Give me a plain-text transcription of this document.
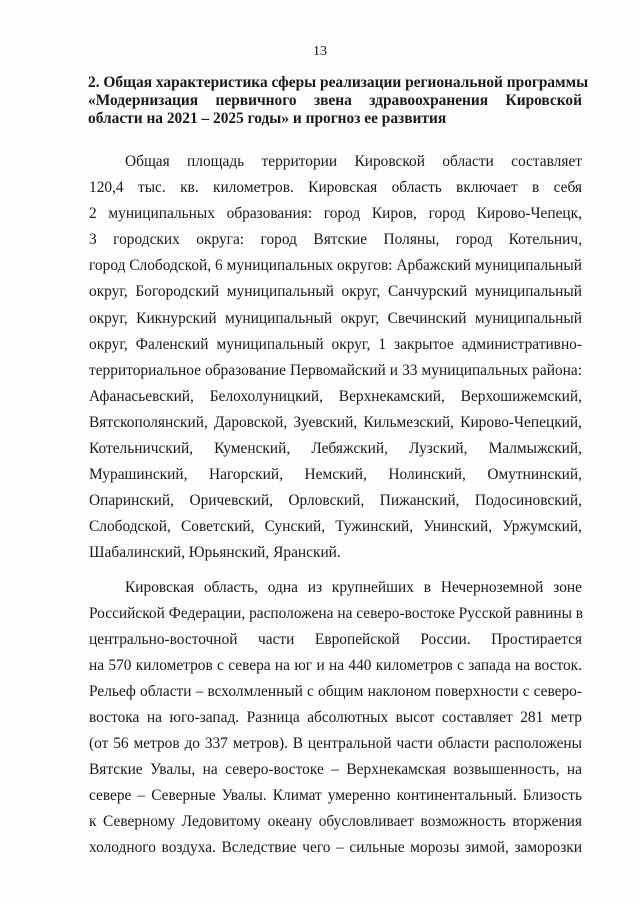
13
2. Общая характеристика сферы реализации региональной программы
«Модернизация первичного звена здравоохранения Кировской
области на 2021 – 2025 годы» и прогноз ее развития
Общая площадь территории Кировской области составляет
120,4 тыс. кв. километров. Кировская область включает в себя
2 муниципальных образования: город Киров, город Кирово-Чепецк,
3 городских округа: город Вятские Поляны, город Котельнич,
город Слободской, 6 муниципальных округов: Арбажский муниципальный
округ, Богородский муниципальный округ, Санчурский муниципальный
округ, Кикнурский муниципальный округ, Свечинский муниципальный
округ, Фаленский муниципальный округ, 1 закрытое административно-
территориальное образование Первомайский и 33 муниципальных района:
Афанасьевский, Белохолуницкий, Верхнекамский, Верхошижемский,
Вятскополянский, Даровской, Зуевский, Кильмезский, Кирово-Чепецкий,
Котельничский, Куменский, Лебяжский, Лузский, Малмыжский,
Мурашинский, Нагорский, Немский, Нолинский, Омутнинский,
Опаринский, Оричевский, Орловский, Пижанский, Подосиновский,
Слободской, Советский, Сунский, Тужинский, Унинский, Уржумский,
Шабалинский, Юрьянский, Яранский.
Кировская область, одна из крупнейших в Нечерноземной зоне
Российской Федерации, расположена на северо-востоке Русской равнины в
центрально-восточной части Европейской России. Простирается
на 570 километров с севера на юг и на 440 километров с запада на восток.
Рельеф области – всхолмленный с общим наклоном поверхности с северо-
востока на юго-запад. Разница абсолютных высот составляет 281 метр
(от 56 метров до 337 метров). В центральной части области расположены
Вятские Увалы, на северо-востоке – Верхнекамская возвышенность, на
севере – Северные Увалы. Климат умеренно континентальный. Близость
к Северному Ледовитому океану обусловливает возможность вторжения
холодного воздуха. Вследствие чего – сильные морозы зимой, заморозки
